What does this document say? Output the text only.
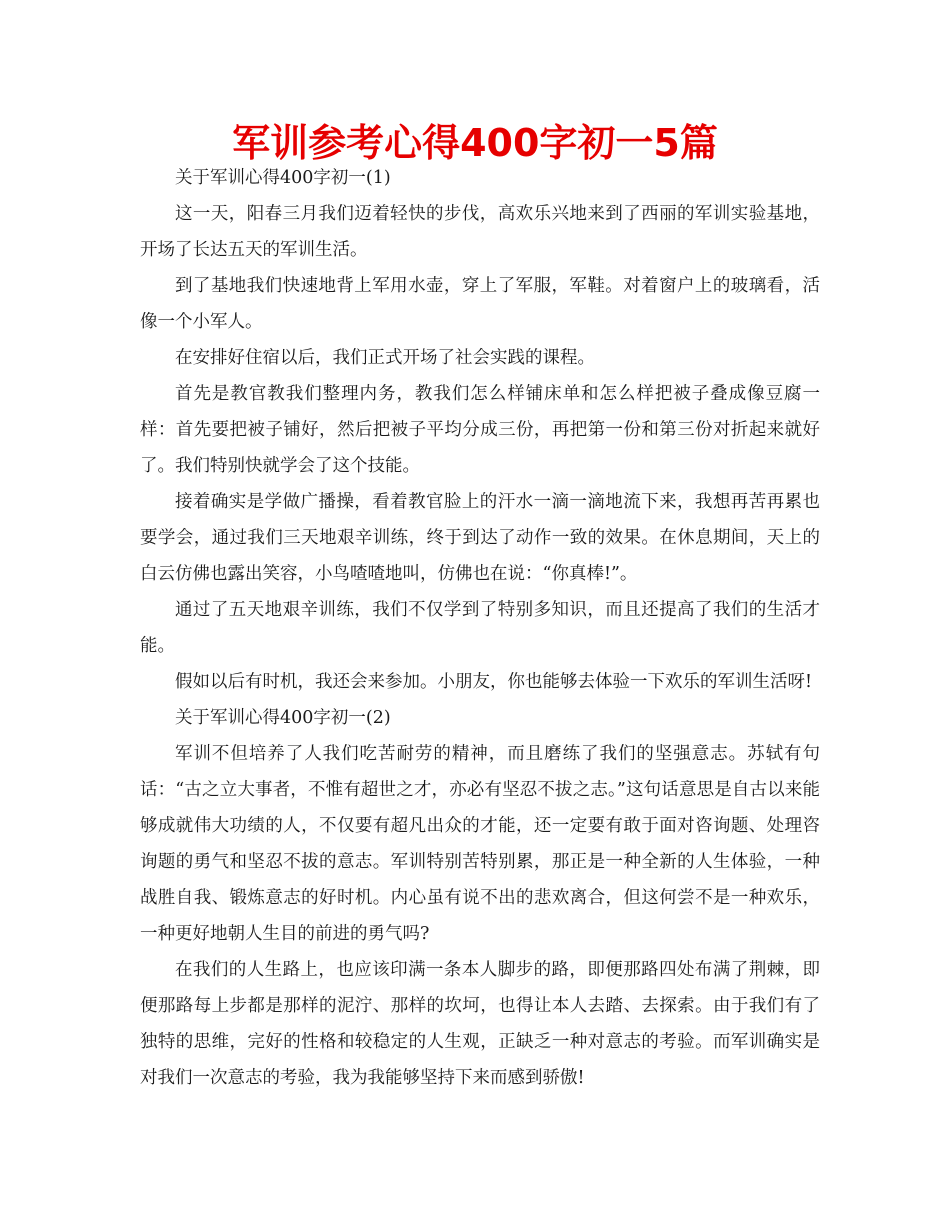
军训参考心得400字初一5篇

关于军训心得400字初一(1)

这一天，阳春三月我们迈着轻快的步伐，高欢乐兴地来到了西丽的军训实验基地，开场了长达五天的军训生活。

到了基地我们快速地背上军用水壶，穿上了军服，军鞋。对着窗户上的玻璃看，活像一个小军人。

在安排好住宿以后，我们正式开场了社会实践的课程。

首先是教官教我们整理内务，教我们怎么样铺床单和怎么样把被子叠成像豆腐一样：首先要把被子铺好，然后把被子平均分成三份，再把第一份和第三份对折起来就好了。我们特别快就学会了这个技能。

接着确实是学做广播操，看着教官脸上的汗水一滴一滴地流下来，我想再苦再累也要学会，通过我们三天地艰辛训练，终于到达了动作一致的效果。在休息期间，天上的白云仿佛也露出笑容，小鸟喳喳地叫，仿佛也在说：“你真棒!”。

通过了五天地艰辛训练，我们不仅学到了特别多知识，而且还提高了我们的生活才能。

假如以后有时机，我还会来参加。小朋友，你也能够去体验一下欢乐的军训生活呀!

关于军训心得400字初一(2)

军训不但培养了人我们吃苦耐劳的精神，而且磨练了我们的坚强意志。苏轼有句话：“古之立大事者，不惟有超世之才，亦必有坚忍不拔之志。”这句话意思是自古以来能够成就伟大功绩的人，不仅要有超凡出众的才能，还一定要有敢于面对咨询题、处理咨询题的勇气和坚忍不拔的意志。军训特别苦特别累，那正是一种全新的人生体验，一种战胜自我、锻炼意志的好时机。内心虽有说不出的悲欢离合，但这何尝不是一种欢乐，一种更好地朝人生目的前进的勇气吗?

在我们的人生路上，也应该印满一条本人脚步的路，即便那路四处布满了荆棘，即便那路每上步都是那样的泥泞、那样的坎坷，也得让本人去踏、去探索。由于我们有了独特的思维，完好的性格和较稳定的人生观，正缺乏一种对意志的考验。而军训确实是对我们一次意志的考验，我为我能够坚持下来而感到骄傲!
